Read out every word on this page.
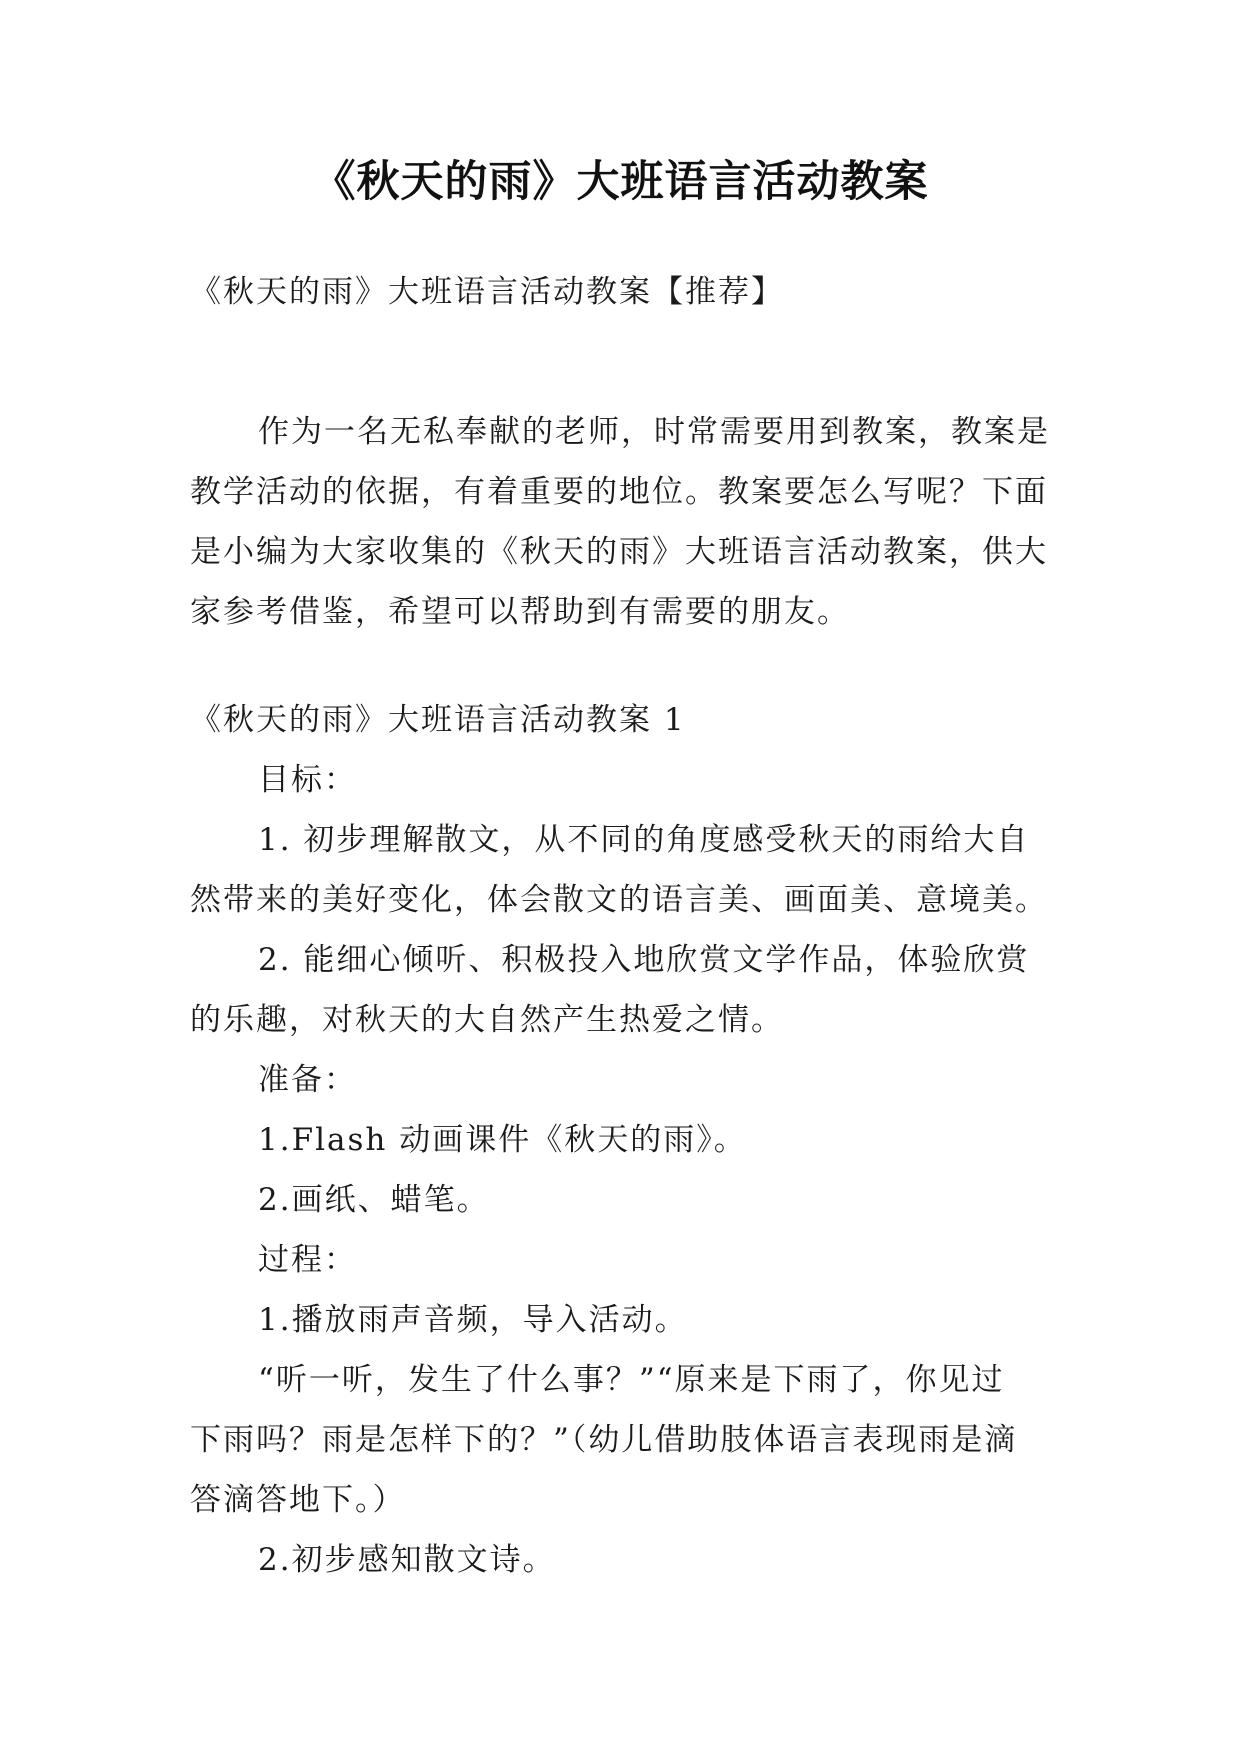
《秋天的雨》大班语言活动教案

《秋天的雨》大班语言活动教案【推荐】

作为一名无私奉献的老师，时常需要用到教案，教案是
教学活动的依据，有着重要的地位。教案要怎么写呢？下面
是小编为大家收集的《秋天的雨》大班语言活动教案，供大
家参考借鉴，希望可以帮助到有需要的朋友。
《秋天的雨》大班语言活动教案 1
目标：
1. 初步理解散文，从不同的角度感受秋天的雨给大自
然带来的美好变化，体会散文的语言美、画面美、意境美。
2. 能细心倾听、积极投入地欣赏文学作品，体验欣赏
的乐趣，对秋天的大自然产生热爱之情。
准备：
1.Flash 动画课件《秋天的雨》。
2.画纸、蜡笔。
过程：
1.播放雨声音频，导入活动。
“听一听，发生了什么事？”“原来是下雨了，你见过
下雨吗？雨是怎样下的？”（幼儿借助肢体语言表现雨是滴
答滴答地下。）
2.初步感知散文诗。
